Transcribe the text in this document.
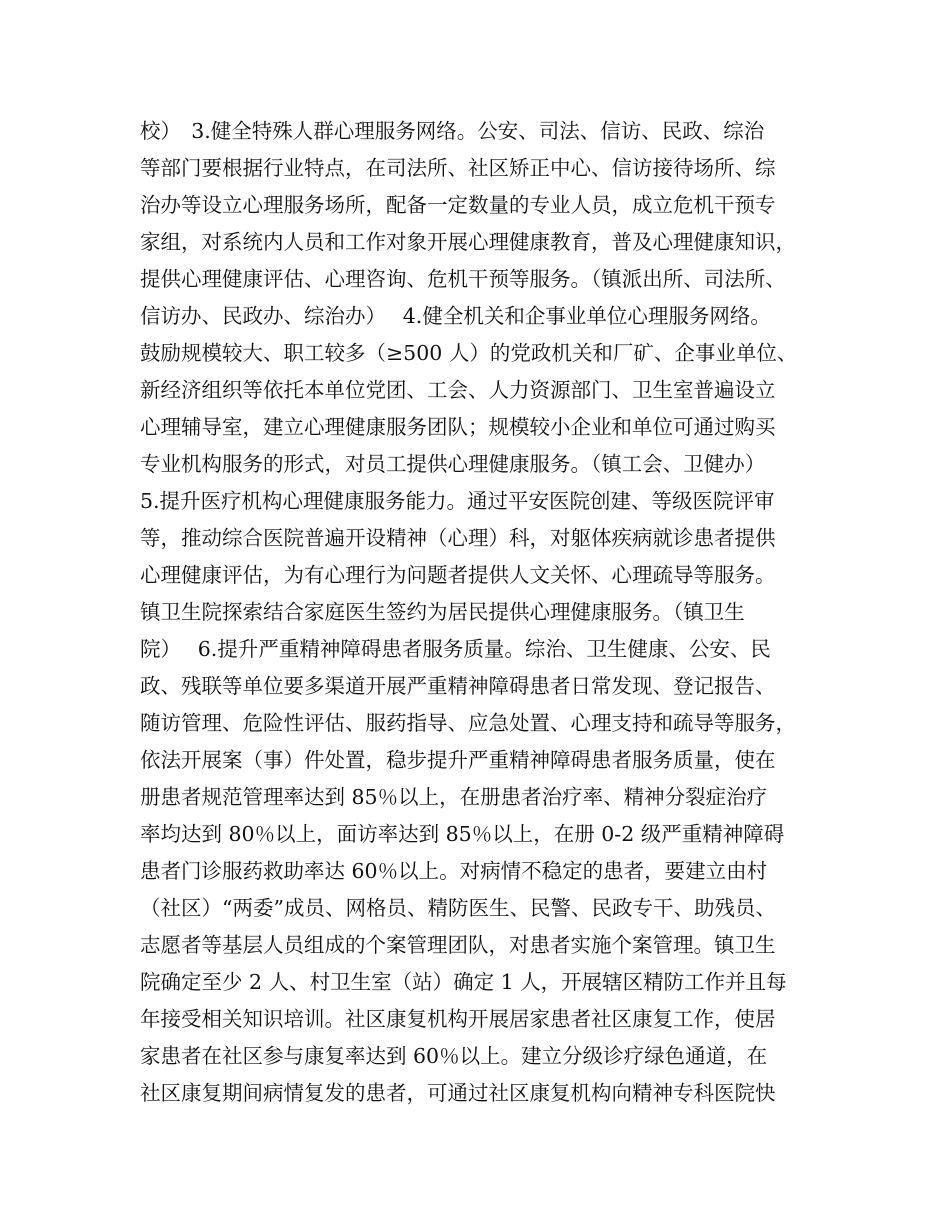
校）　3.健全特殊人群心理服务网络。公安、司法、信访、民政、综治
等部门要根据行业特点，在司法所、社区矫正中心、信访接待场所、综
治办等设立心理服务场所，配备一定数量的专业人员，成立危机干预专
家组，对系统内人员和工作对象开展心理健康教育，普及心理健康知识，
提供心理健康评估、心理咨询、危机干预等服务。（镇派出所、司法所、
信访办、民政办、综治办）　 4.健全机关和企事业单位心理服务网络。
鼓励规模较大、职工较多（≥500 人）的党政机关和厂矿、企事业单位、
新经济组织等依托本单位党团、工会、人力资源部门、卫生室普遍设立
心理辅导室，建立心理健康服务团队；规模较小企业和单位可通过购买
专业机构服务的形式，对员工提供心理健康服务。（镇工会、卫健办）
5.提升医疗机构心理健康服务能力。通过平安医院创建、等级医院评审
等，推动综合医院普遍开设精神（心理）科，对躯体疾病就诊患者提供
心理健康评估，为有心理行为问题者提供人文关怀、心理疏导等服务。
镇卫生院探索结合家庭医生签约为居民提供心理健康服务。（镇卫生
院）　 6.提升严重精神障碍患者服务质量。综治、卫生健康、公安、民
政、残联等单位要多渠道开展严重精神障碍患者日常发现、登记报告、
随访管理、危险性评估、服药指导、应急处置、心理支持和疏导等服务，
依法开展案（事）件处置，稳步提升严重精神障碍患者服务质量，使在
册患者规范管理率达到 85％以上，在册患者治疗率、精神分裂症治疗
率均达到 80％以上，面访率达到 85％以上，在册 0-2 级严重精神障碍
患者门诊服药救助率达 60％以上。对病情不稳定的患者，要建立由村
（社区）“两委”成员、网格员、精防医生、民警、民政专干、助残员、
志愿者等基层人员组成的个案管理团队，对患者实施个案管理。镇卫生
院确定至少 2 人、村卫生室（站）确定 1 人，开展辖区精防工作并且每
年接受相关知识培训。社区康复机构开展居家患者社区康复工作，使居
家患者在社区参与康复率达到 60％以上。建立分级诊疗绿色通道，在
社区康复期间病情复发的患者，可通过社区康复机构向精神专科医院快
